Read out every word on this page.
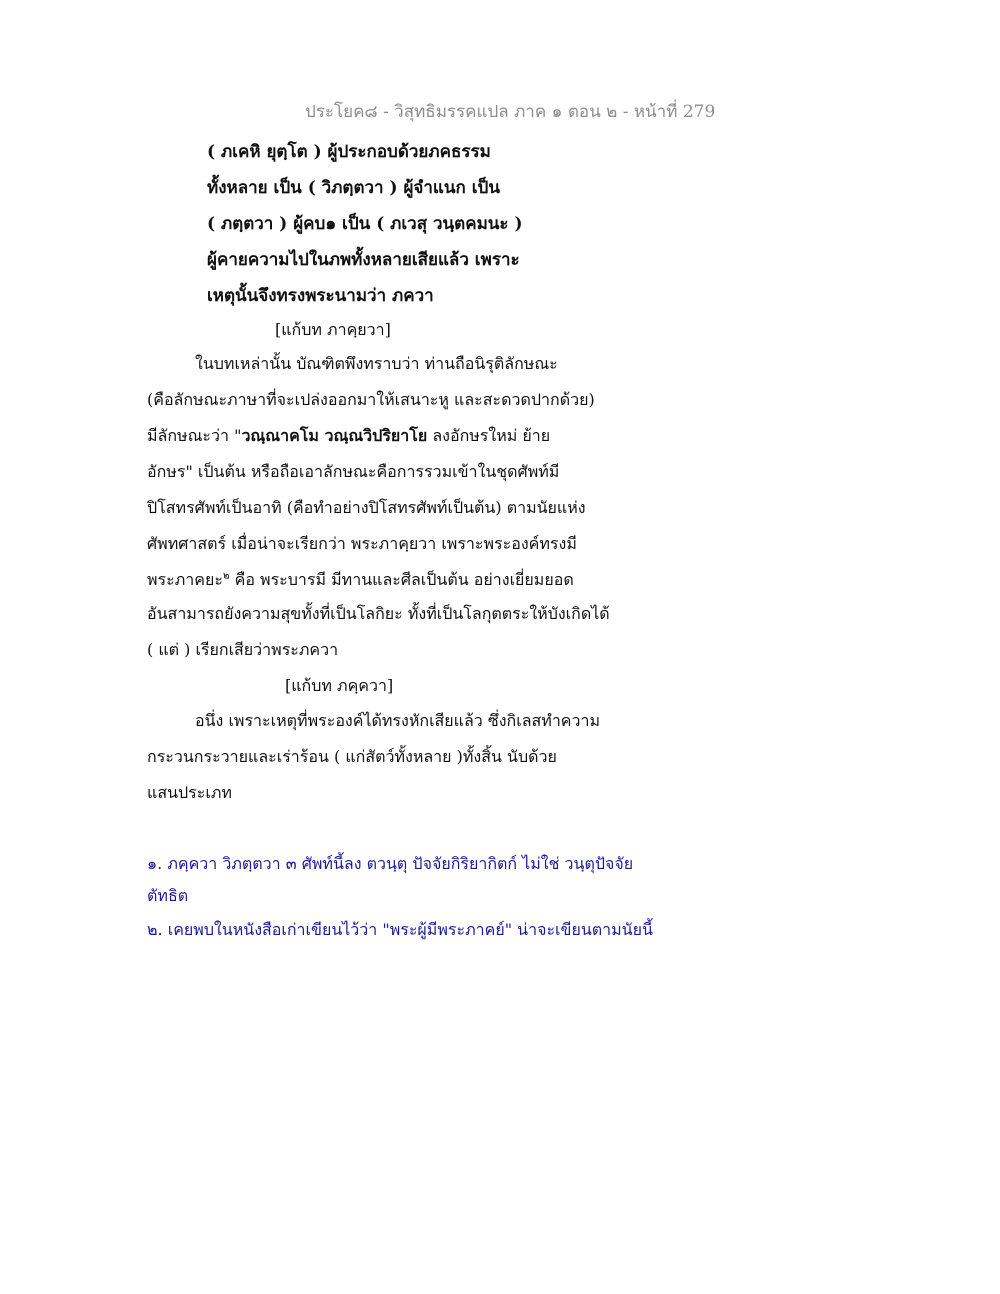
ประโยค๘ - วิสุทธิมรรคแปล ภาค ๑ ตอน ๒ - หน้าที่ 279
( ภเคหิ ยุตฺโต ) ผู้ประกอบด้วยภคธรรม
ทั้งหลาย เป็น ( วิภตฺตวา ) ผู้จำแนก เป็น
( ภตฺตวา ) ผู้คบ๑ เป็น ( ภเวสุ วนฺตคมนะ )
ผู้คายความไปในภพทั้งหลายเสียแล้ว เพราะ
เหตุนั้นจึงทรงพระนามว่า ภควา
[แก้บท ภาคฺยวา]
ในบทเหล่านั้น บัณฑิตพึงทราบว่า ท่านถือนิรุติลักษณะ
(คือลักษณะภาษาที่จะเปล่งออกมาให้เสนาะหู และสะดวดปากด้วย)
มีลักษณะว่า "วณฺณาคโม วณฺณวิปริยาโย ลงอักษรใหม่ ย้าย
อักษร" เป็นต้น หรือถือเอาลักษณะคือการรวมเข้าในชุดศัพท์มี
ปิโสทรศัพท์เป็นอาทิ (คือทำอย่างปิโสทรศัพท์เป็นต้น) ตามนัยแห่ง
ศัพทศาสตร์ เมื่อน่าจะเรียกว่า พระภาคฺยวา เพราะพระองค์ทรงมี
พระภาคยะ$^๒$ คือ พระบารมี มีทานและศีลเป็นต้น อย่างเยี่ยมยอด
อันสามารถยังความสุขทั้งที่เป็นโลกิยะ ทั้งที่เป็นโลกุตตระให้บังเกิดได้
( แต่ ) เรียกเสียว่าพระภควา
[แก้บท ภคฺควา]
อนึ่ง เพราะเหตุที่พระองค์ได้ทรงหักเสียแล้ว ซึ่งกิเลสทำความ
กระวนกระวายและเร่าร้อน ( แก่สัตว์ทั้งหลาย )ทั้งสิ้น นับด้วย
แสนประเภท
๑. ภคฺควา วิภตฺตวา ๓ ศัพท์นี้ลง ตวนฺตุ ปัจจัยกิริยากิตก์ ไม่ใช่ วนฺตุปัจจัย
ตัทธิต
๒. เคยพบในหนังสือเก่าเขียนไว้ว่า "พระผู้มีพระภาคย์" น่าจะเขียนตามนัยนี้
